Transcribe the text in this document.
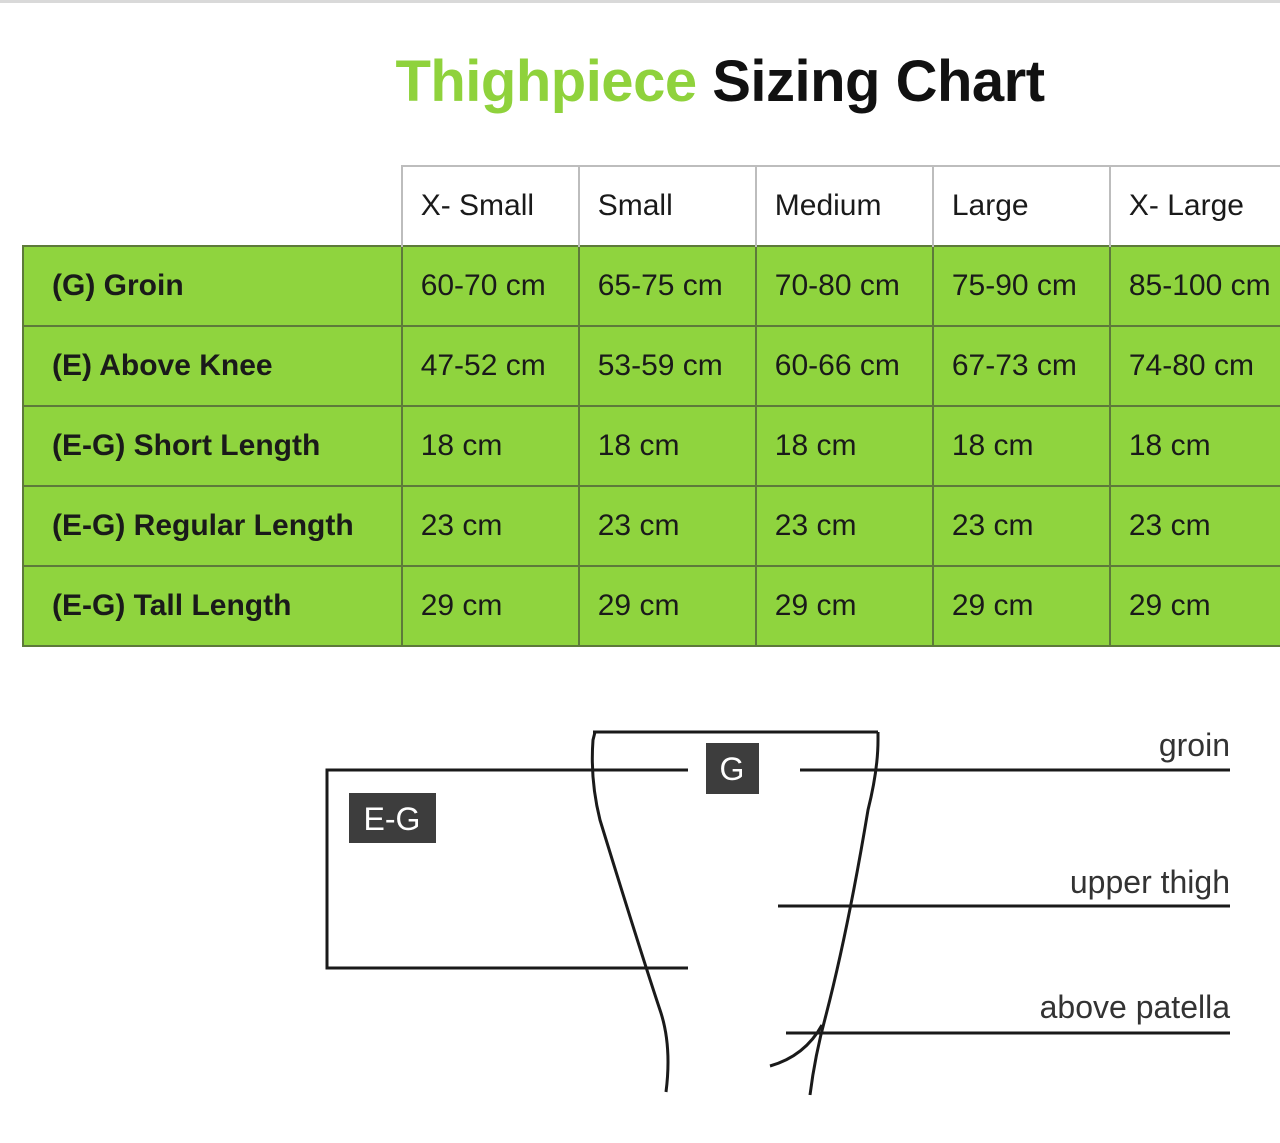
Thighpiece Sizing Chart
	X- Small	Small	Medium	Large	X- Large
(G) Groin	60-70 cm	65-75 cm	70-80 cm	75-90 cm	85-100 cm
(E) Above Knee	47-52 cm	53-59 cm	60-66 cm	67-73 cm	74-80 cm
(E-G) Short Length	18 cm	18 cm	18 cm	18 cm	18 cm
(E-G) Regular Length	23 cm	23 cm	23 cm	23 cm	23 cm
(E-G) Tall Length	29 cm	29 cm	29 cm	29 cm	29 cm
G
E-G
groin
upper thigh
above patella
